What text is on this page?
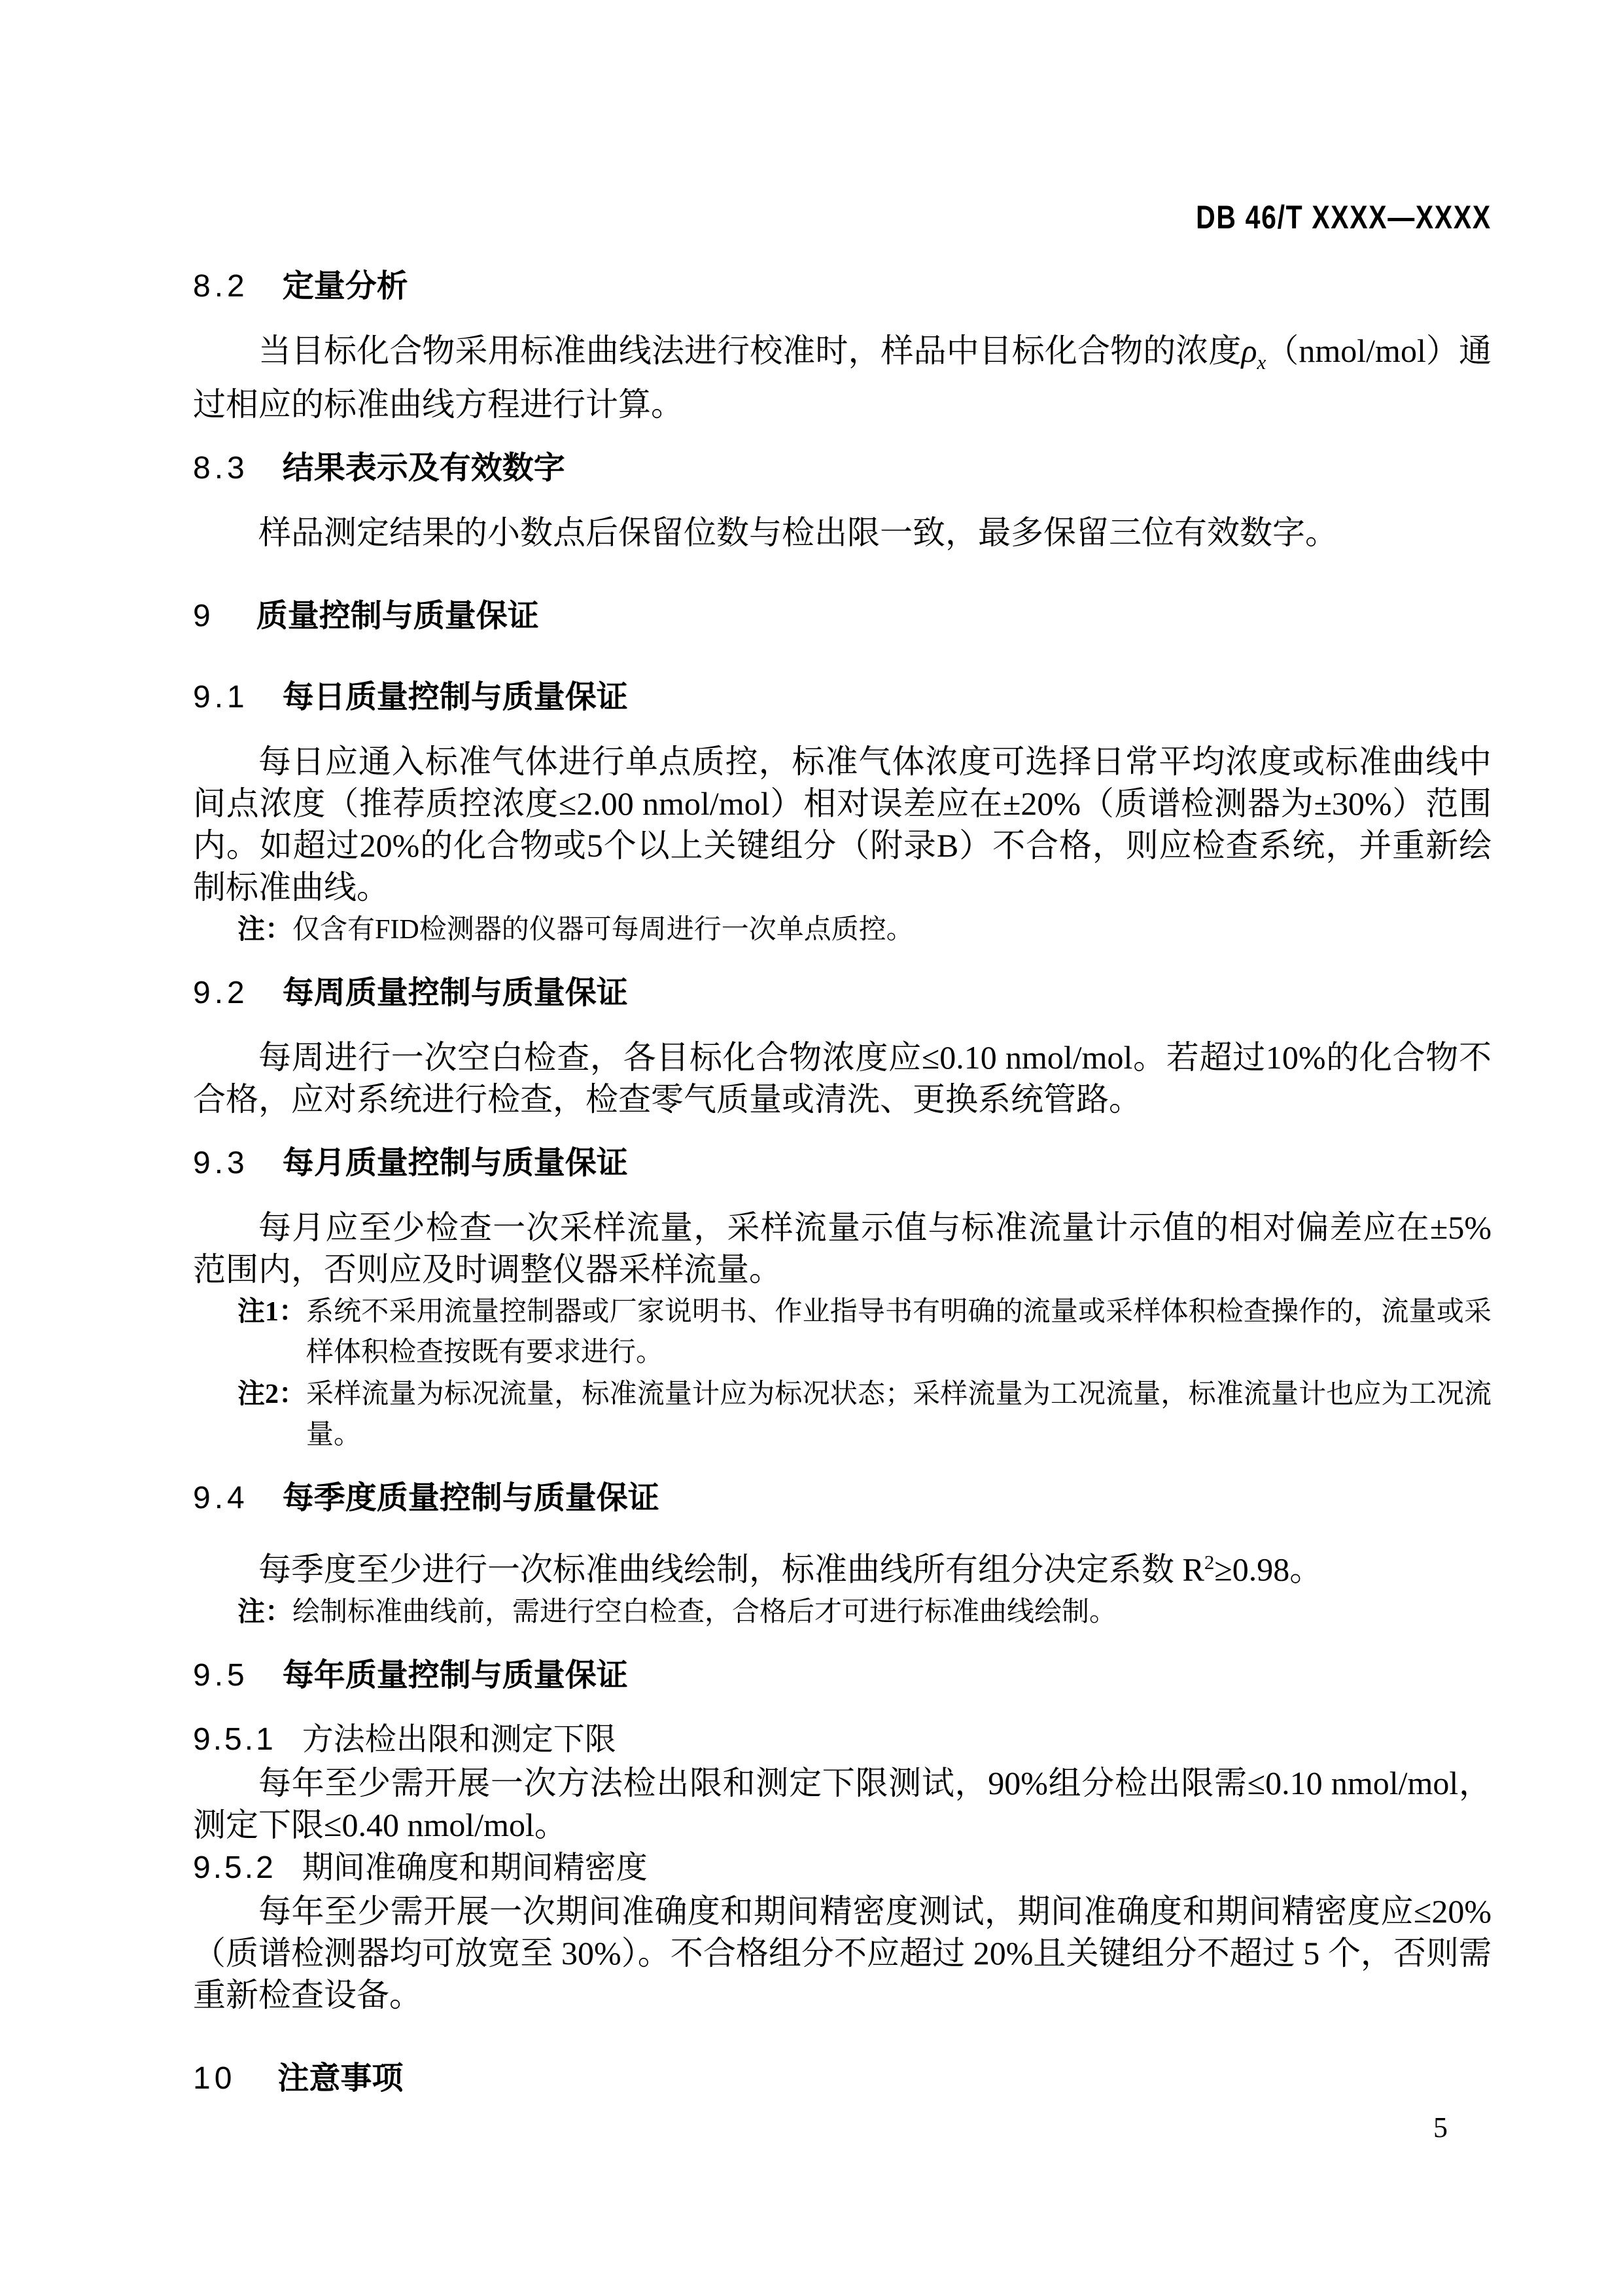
DB 46/T XXXX—XXXX
8.2 定量分析

当目标化合物采用标准曲线法进行校准时，样品中目标化合物的浓度$\rho_x(nmol/mol)$通过相应的标准曲线方程进行计算。

8.3 结果表示及有效数字

样品测定结果的小数点后保留位数与检出限一致，最多保留三位有效数字。

9 质量控制与质量保证
9.1 每日质量控制与质量保证

每日应通入标准气体进行单点质控，标准气体浓度可选择日常平均浓度或标准曲线中间点浓度（推荐质控浓度≤2.00 nmol/mol）相对误差应在±20%（质谱检测器为±30%）范围内。如超过20%的化合物或5个以上关键组分（附录B）不合格，则应检查系统，并重新绘制标准曲线。

注： 仅含有FID检测器的仪器可每周进行一次单点质控。
9.2 每周质量控制与质量保证

每周进行一次空白检查，各目标化合物浓度应≤0.10 nmol/mol。若超过10%的化合物不合格，应对系统进行检查，检查零气质量或清洗、更换系统管路。

9.3 每月质量控制与质量保证

每月应至少检查一次采样流量，采样流量示值与标准流量计示值的相对偏差应在±5%范围内，否则应及时调整仪器采样流量。

注1： 系统不采用流量控制器或厂家说明书、作业指导书有明确的流量或采样体积检查操作的，流量或采样体积检查按既有要求进行。
注2： 采样流量为标况流量，标准流量计应为标况状态；采样流量为工况流量，标准流量计也应为工况流量。
9.4 每季度质量控制与质量保证

每季度至少进行一次标准曲线绘制，标准曲线所有组分决定系数 $R^2\ge 0.98$。

注： 绘制标准曲线前，需进行空白检查，合格后才可进行标准曲线绘制。
9.5 每年质量控制与质量保证
9.5.1 方法检出限和测定下限

每年至少需开展一次方法检出限和测定下限测试，90%组分检出限需≤0.10 nmol/mol，测定下限≤0.40 nmol/mol。

9.5.2 期间准确度和期间精密度

每年至少需开展一次期间准确度和期间精密度测试，期间准确度和期间精密度应≤20%（质谱检测器均可放宽至 30%）。不合格组分不应超过 20%且关键组分不超过 5 个，否则需重新检查设备。

10 注意事项
5
